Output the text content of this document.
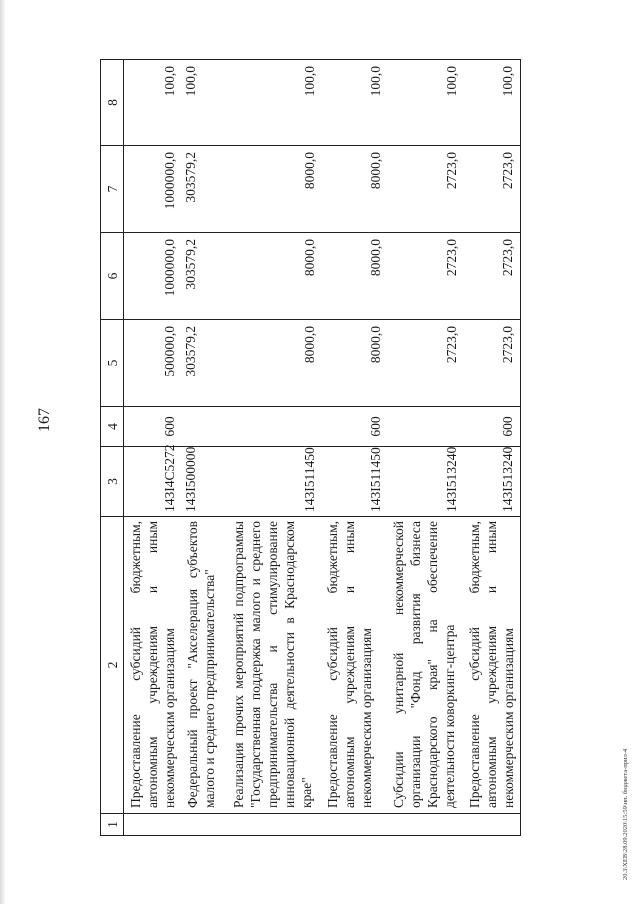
167
1	2	3	4	5	6	7	8

	Предоставление субсидий бюджетным, автономным учреждениям и иным некоммерческим организациям	143I4C5272	600	500000,0	1000000,0	1000000,0	100,0

	Федеральный проект "Акселерация субъектов малого и среднего предпринимательства"	143I500000		303579,2	303579,2	303579,2	100,0

	Реализация прочих мероприятий подпрограммы "Государственная поддержка малого и среднего предпринимательства и стимулирование инновационной деятельности в Краснодарском крае"	143I511450		8000,0	8000,0	8000,0	100,0

	Предоставление субсидий бюджетным, автономным учреждениям и иным некоммерческим организациям	143I511450	600	8000,0	8000,0	8000,0	100,0

	Субсидии унитарной некоммерческой организации "Фонд развития бизнеса Краснодарского края" на обеспечение деятельности коворкинг-центра	143I513240		2723,0	2723,0	2723,0	100,0

	Предоставление субсидий бюджетным, автономным учреждениям и иным некоммерческим организациям	143I513240	600	2723,0	2723,0	2723,0	100,0
20.3\XEB\28.09.2020\15:59\нп. бюджета-прил-4
